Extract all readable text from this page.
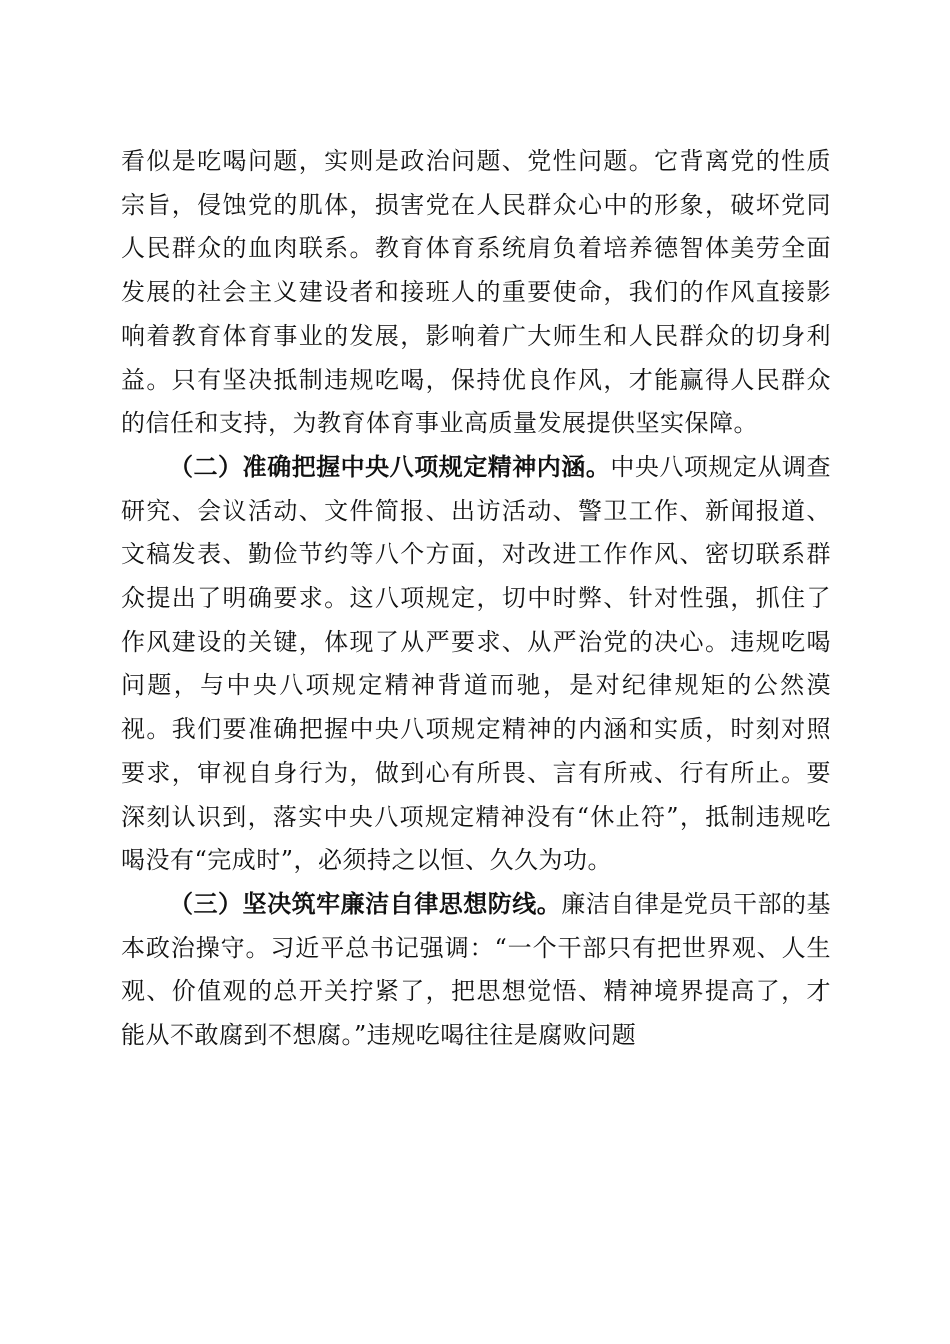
看似是吃喝问题，实则是政治问题、党性问题。它背离党的性质宗旨，侵蚀党的肌体，损害党在人民群众心中的形象，破坏党同人民群众的血肉联系。教育体育系统肩负着培养德智体美劳全面发展的社会主义建设者和接班人的重要使命，我们的作风直接影响着教育体育事业的发展，影响着广大师生和人民群众的切身利益。只有坚决抵制违规吃喝，保持优良作风，才能赢得人民群众的信任和支持，为教育体育事业高质量发展提供坚实保障。

（二）准确把握中央八项规定精神内涵。中央八项规定从调查研究、会议活动、文件简报、出访活动、警卫工作、新闻报道、文稿发表、勤俭节约等八个方面，对改进工作作风、密切联系群众提出了明确要求。这八项规定，切中时弊、针对性强，抓住了作风建设的关键，体现了从严要求、从严治党的决心。违规吃喝问题，与中央八项规定精神背道而驰，是对纪律规矩的公然漠视。我们要准确把握中央八项规定精神的内涵和实质，时刻对照要求，审视自身行为，做到心有所畏、言有所戒、行有所止。要深刻认识到，落实中央八项规定精神没有“休止符”，抵制违规吃喝没有“完成时”，必须持之以恒、久久为功。

（三）坚决筑牢廉洁自律思想防线。廉洁自律是党员干部的基本政治操守。习近平总书记强调：“一个干部只有把世界观、人生观、价值观的总开关拧紧了，把思想觉悟、精神境界提高了，才能从不敢腐到不想腐。”违规吃喝往往是腐败问题
